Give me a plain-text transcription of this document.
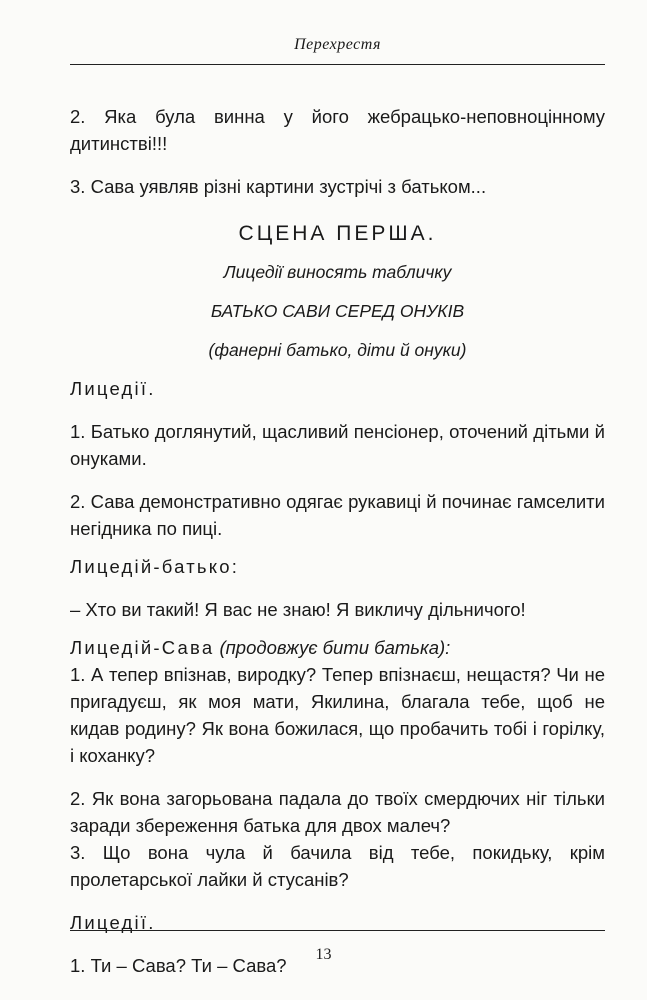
Перехрестя

2. Яка була винна у його жебрацько-неповноцінному дитинстві!!!

3. Сава уявляв різні картини зустрічі з батьком...

СЦЕНА ПЕРША.

Лицедії виносять табличку

БАТЬКО САВИ СЕРЕД ОНУКІВ

(фанерні батько, діти й онуки)

Лицедії.

1. Батько доглянутий, щасливий пенсіонер, оточений дітьми й онуками.

2. Сава демонстративно одягає рукавиці й починає гамселити негідника по пиці.

Лицедій-батько:

– Хто ви такий! Я вас не знаю! Я викличу дільничого!

Лицедій-Сава (продовжує бити батька):

1. А тепер впізнав, виродку? Тепер впізнаєш, нещастя? Чи не пригадуєш, як моя мати, Якилина, благала тебе, щоб не кидав родину? Як вона божилася, що пробачить тобі і горілку, і коханку?

2. Як вона загорьована падала до твоїх смердючих ніг тільки заради збереження батька для двох малеч?

3. Що вона чула й бачила від тебе, покидьку, крім пролетарської лайки й стусанів?

Лицедії.

1. Ти – Сава? Ти – Сава?

13
